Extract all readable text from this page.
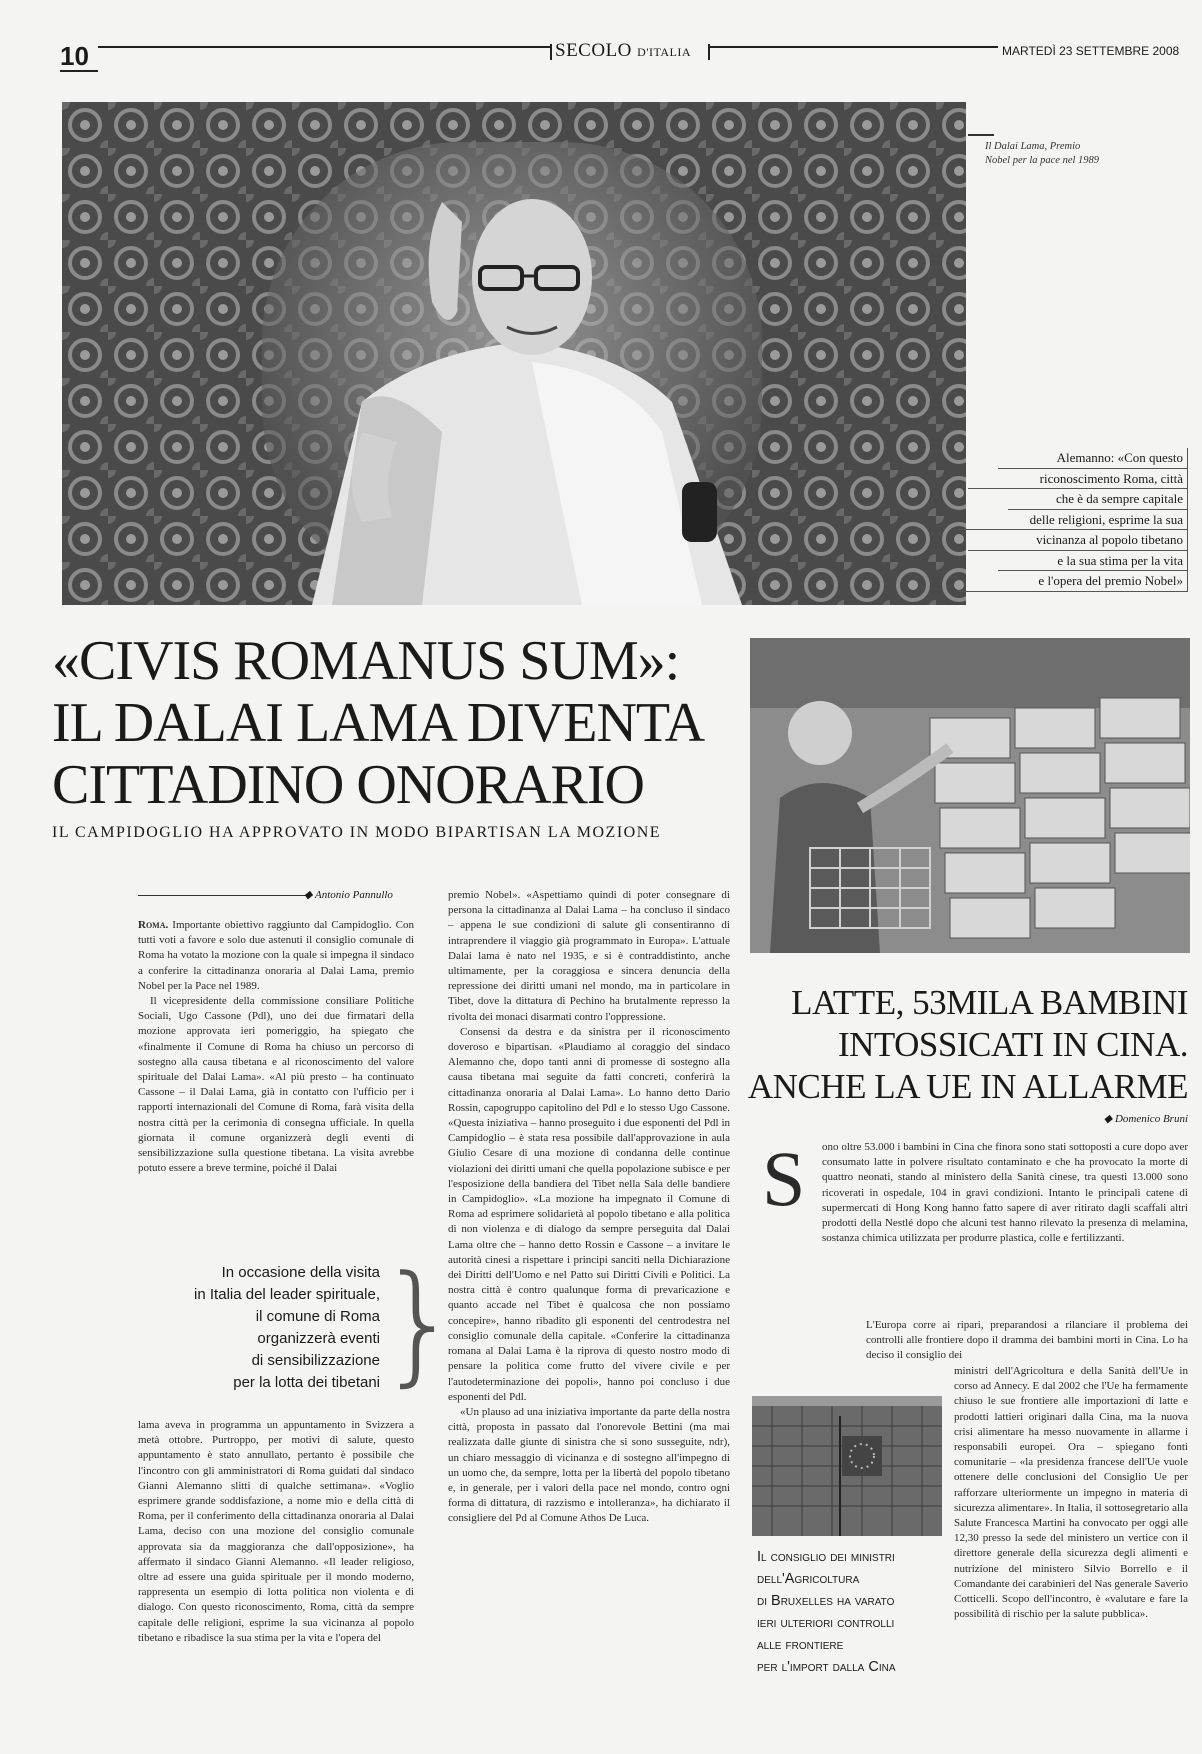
10	SECOLO D'ITALIA	MARTEDÌ 23 SETTEMBRE 2008
Il Dalai Lama, Premio Nobel per la pace nel 1989
Alemanno: «Con questo
riconoscimento Roma, città
che è da sempre capitale
delle religioni, esprime la sua
vicinanza al popolo tibetano
e la sua stima per la vita
e l'opera del premio Nobel»
«CIVIS ROMANUS SUM»:
IL DALAI LAMA DIVENTA
CITTADINO ONORARIO
IL CAMPIDOGLIO HA APPROVATO IN MODO BIPARTISAN LA MOZIONE
◆ Antonio Pannullo

Roma. Importante obiettivo raggiunto dal Campidoglio. Con tutti voti a favore e solo due astenuti il consiglio comunale di Roma ha votato la mozione con la quale si impegna il sindaco a conferire la cittadinanza onoraria al Dalai Lama, premio Nobel per la Pace nel 1989.

Il vicepresidente della commissione consiliare Politiche Sociali, Ugo Cassone (Pdl), uno dei due firmatari della mozione approvata ieri pomeriggio, ha spiegato che «finalmente il Comune di Roma ha chiuso un percorso di sostegno alla causa tibetana e al riconoscimento del valore spirituale del Dalai Lama». «Al più presto – ha continuato Cassone – il Dalai Lama, già in contatto con l'ufficio per i rapporti internazionali del Comune di Roma, farà visita della nostra città per la cerimonia di consegna ufficiale. In quella giornata il comune organizzerà degli eventi di sensibilizzazione sulla questione tibetana. La visita avrebbe potuto essere a breve termine, poiché il Dalai

In occasione della visita
in Italia del leader spirituale,
il comune di Roma
organizzerà eventi
di sensibilizzazione
per la lotta dei tibetani
}

lama aveva in programma un appuntamento in Svizzera a metà ottobre. Purtroppo, per motivi di salute, questo appuntamento è stato annullato, pertanto è possibile che l'incontro con gli amministratori di Roma guidati dal sindaco Gianni Alemanno slitti di qualche settimana». «Voglio esprimere grande soddisfazione, a nome mio e della città di Roma, per il conferimento della cittadinanza onoraria al Dalai Lama, deciso con una mozione del consiglio comunale approvata sia da maggioranza che dall'opposizione», ha affermato il sindaco Gianni Alemanno. «Il leader religioso, oltre ad essere una guida spirituale per il mondo moderno, rappresenta un esempio di lotta politica non violenta e di dialogo. Con questo riconoscimento, Roma, città da sempre capitale delle religioni, esprime la sua vicinanza al popolo tibetano e ribadisce la sua stima per la vita e l'opera del

premio Nobel». «Aspettiamo quindi di poter consegnare di persona la cittadinanza al Dalai Lama – ha concluso il sindaco – appena le sue condizioni di salute gli consentiranno di intraprendere il viaggio già programmato in Europa». L'attuale Dalai lama è nato nel 1935, e si è contraddistinto, anche ultimamente, per la coraggiosa e sincera denuncia della repressione dei diritti umani nel mondo, ma in particolare in Tibet, dove la dittatura di Pechino ha brutalmente represso la rivolta dei monaci disarmati contro l'oppressione.

Consensi da destra e da sinistra per il riconoscimento doveroso e bipartisan. «Plaudiamo al coraggio del sindaco Alemanno che, dopo tanti anni di promesse di sostegno alla causa tibetana mai seguite da fatti concreti, conferirà la cittadinanza onoraria al Dalai Lama». Lo hanno detto Dario Rossin, capogruppo capitolino del Pdl e lo stesso Ugo Cassone. «Questa iniziativa – hanno proseguito i due esponenti del Pdl in Campidoglio – è stata resa possibile dall'approvazione in aula Giulio Cesare di una mozione di condanna delle continue violazioni dei diritti umani che quella popolazione subisce e per l'esposizione della bandiera del Tibet nella Sala delle bandiere in Campidoglio». «La mozione ha impegnato il Comune di Roma ad esprimere solidarietà al popolo tibetano e alla politica di non violenza e di dialogo da sempre perseguita dal Dalai Lama oltre che – hanno detto Rossin e Cassone – a invitare le autorità cinesi a rispettare i principi sanciti nella Dichiarazione dei Diritti dell'Uomo e nel Patto sui Diritti Civili e Politici. La nostra città è contro qualunque forma di prevaricazione e quanto accade nel Tibet è qualcosa che non possiamo concepire», hanno ribadito gli esponenti del centrodestra nel consiglio comunale della capitale. «Conferire la cittadinanza romana al Dalai Lama è la riprova di questo nostro modo di pensare la politica come frutto del vivere civile e per l'autodeterminazione dei popoli», hanno poi concluso i due esponenti del Pdl.

«Un plauso ad una iniziativa importante da parte della nostra città, proposta in passato dal l'onorevole Bettini (ma mai realizzata dalle giunte di sinistra che si sono susseguite, ndr), un chiaro messaggio di vicinanza e di sostegno all'impegno di un uomo che, da sempre, lotta per la libertà del popolo tibetano e, in generale, per i valori della pace nel mondo, contro ogni forma di dittatura, di razzismo e intolleranza», ha dichiarato il consigliere del Pd al Comune Athos De Luca.

LATTE, 53MILA BAMBINI
INTOSSICATI IN CINA.
ANCHE LA UE IN ALLARME
◆ Domenico Bruni
S ono oltre 53.000 i bambini in Cina che finora sono stati sottoposti a cure dopo aver consumato latte in polvere risultato contaminato e che ha provocato la morte di quattro neonati, stando al ministero della Sanità cinese, tra questi 13.000 sono ricoverati in ospedale, 104 in gravi condizioni. Intanto le principali catene di supermercati di Hong Kong hanno fatto sapere di aver ritirato dagli scaffali altri prodotti della Nestlé dopo che alcuni test hanno rilevato la presenza di melamina, sostanza chimica utilizzata per produrre plastica, colle e fertilizzanti.

L'Europa corre ai ripari, preparandosi a rilanciare il problema dei controlli alle frontiere dopo il dramma dei bambini morti in Cina. Lo ha deciso il consiglio dei

ministri dell'Agricoltura e della Sanità dell'Ue in corso ad Annecy. E dal 2002 che l'Ue ha fermamente chiuso le sue frontiere alle importazioni di latte e prodotti lattieri originari dalla Cina, ma la nuova crisi alimentare ha messo nuovamente in allarme i responsabili europei. Ora – spiegano fonti comunitarie – «la presidenza francese dell'Ue vuole ottenere delle conclusioni del Consiglio Ue per rafforzare ulteriormente un impegno in materia di sicurezza alimentare». In Italia, il sottosegretario alla Salute Francesca Martini ha convocato per oggi alle 12,30 presso la sede del ministero un vertice con il direttore generale della sicurezza degli alimenti e nutrizione del ministero Silvio Borrello e il Comandante dei carabinieri del Nas generale Saverio Cotticelli. Scopo dell'incontro, è «valutare e fare la possibilità di rischio per la salute pubblica».

Il consiglio dei ministri
dell'Agricoltura
di Bruxelles ha varato
ieri ulteriori controlli
alle frontiere
per l'import dalla Cina
